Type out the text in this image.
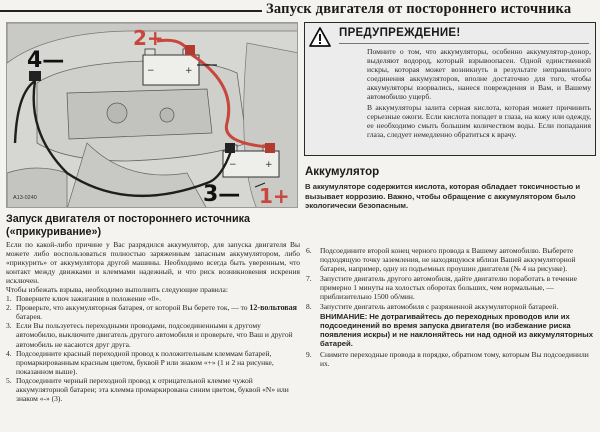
Запуск двигателя от постороннего источника
−	+
−	+
4—
2+
3— 1+
A13-0240
ПРЕДУПРЕЖДЕНИЕ!

Помните о том, что аккумуляторы, особенно аккумулятор-донор, выделяют водород, который взрывоопасен. Одной единственной искры, которая может возникнуть в результате неправильного соединения аккумуляторов, вполне достаточно для того, чтобы аккумуляторы взорвались, нанеся повреждения и Вам, и Вашему автомобилю ущерб.

В аккумуляторы залита серная кислота, которая может причинить серьезные ожоги. Если кислота попадет в глаза, на кожу или одежду, ее необходимо смыть большим количеством воды. Если попадания глаза, следует немедленно обратиться к врачу.

Аккумулятор
В аккумуляторе содержится кислота, которая обладает токсичностью и вызывает коррозию. Важно, чтобы обращение с аккумулятором было экологически безопасным.
Запуск двигателя от постороннего источника
(«прикуривание»)

Если по какой-либо причине у Вас разрядился аккумулятор, для запуска двигателя Вы можете либо воспользоваться полностью заряженным запасным аккумулятором, либо «прикурить» от аккумулятора другой машины. Необходимо всегда быть уверенным, что контакт между движками и клеммами надежный, и что риск возникновения искрения исключен.

Чтобы избежать взрыва, необходимо выполнить следующие правила:

1. Поверните ключ зажигания в положение «0».
2. Проверьте, что аккумуляторная батарея, от которой Вы берете ток, — то 12-вольтовая батарея.
3. Если Вы пользуетесь переходными проводами, подсоединенными к другому автомобилю, выключите двигатель другого автомобиля и проверьте, что Ваш и другой автомобиль не касаются друг друга.
4. Подсоедините красный переходной провод к положительным клеммам батарей, промаркированным красным цветом, буквой P или знаком «+» (1 и 2 на рисунке, показанном выше).
5. Подсоедините черный переходной провод к отрицательной клемме чужой аккумуляторной батареи; эта клемма промаркирована синим цветом, буквой «N» или знаком «-» (3).
6. Подсоедините второй конец черного провода к Вашему автомобилю. Выберете подходящую точку заземления, не находящуюся вблизи Вашей аккумуляторной батареи, например, одну из подъемных проушин двигателя (№ 4 на рисунке).
7. Запустите двигатель другого автомобиля, дайте двигателю поработать в течение примерно 1 минуты на холостых оборотах больших, чем нормальные, — приблизительно 1500 об/мин.
8. Запустите двигатель автомобиля с разряженной аккумуляторной батареей.
ВНИМАНИЕ: Не дотрагивайтесь до переходных проводов или их подсоединений во время запуска двигателя (во избежание риска появления искры) и не наклоняйтесь ни над одной из аккумуляторных батарей.
9. Снимите переходные провода в порядке, обратном тому, которым Вы подсоединили их.
